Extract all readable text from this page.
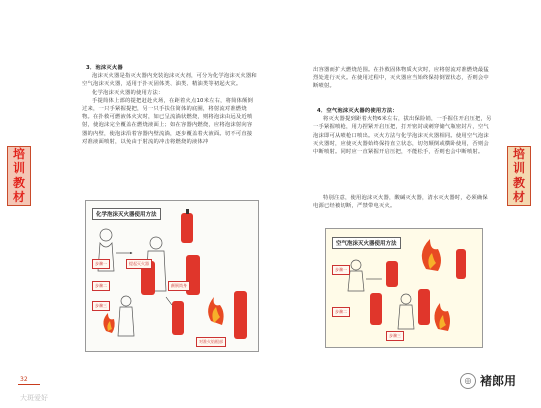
培
训
教
材
培
训
教
材

3．泡沫灭火器

泡沫灭火器是指灭火器内充装泡沫灭火剂，可分为化学泡沫灭火器和空气泡沫灭火器，适用于扑灭固体类、油类、精油类等初起火灾。

化学泡沫灭火器的使用方法：

手提简体上部的提把赶赴火场，在距着火点10米左右，将简体颠倒过来，一只手紧握提把，另一只手扶住简体的底圈，将射流对准燃烧物。在扑救可燃液体火灾时，如已呈流淌状燃烧，则将泡沫由远及近喷射，使泡沫完全覆盖在燃烧液面上；如在容器内燃烧，应将泡沫射向容器的内壁，使泡沫沿着容器内壁流淌，逐步覆盖着火液面。切不可直接对准液面喷射，以免由于射流的冲击将燃烧的液体冲

出容器而扩大燃烧范围。在扑救固体物质火灾时，应将射流对准燃烧最猛烈处进行灭火。在使用过程中，灭火器应当始终保持倒置状态，否则会中断喷射。

4．空气泡沫灭火器的使用方法：

将灭火器提到距着火物6米左右，拔出保险销，一手握住开启压把，另一手紧握喷枪，用力捏紧开启压把，打开密封或刺穿储气瓶密封片，空气泡沫即可从喷枪口喷出。灭火方法与化学泡沫灭火器相同。使用空气泡沫灭火器时，应使灭火器始终保持直立状态，切勿颠倒或横卧使用，否则会中断喷射。同时应一直紧握开启压把，不能松手，否则也会中断喷射。

特别注意，使用泡沫灭火器，酸碱灭火器，清水灭火器时，必须确保电源已经被切断，严禁带电灭火。

化学泡沫灭火器使用方法
步骤一	提起灭火器
步骤二	颠倒筒身
步骤三
对准火焰根部
空气泡沫灭火器使用方法
步骤一
步骤二
步骤三
32
大斑爱好
◎ 褚郎用
